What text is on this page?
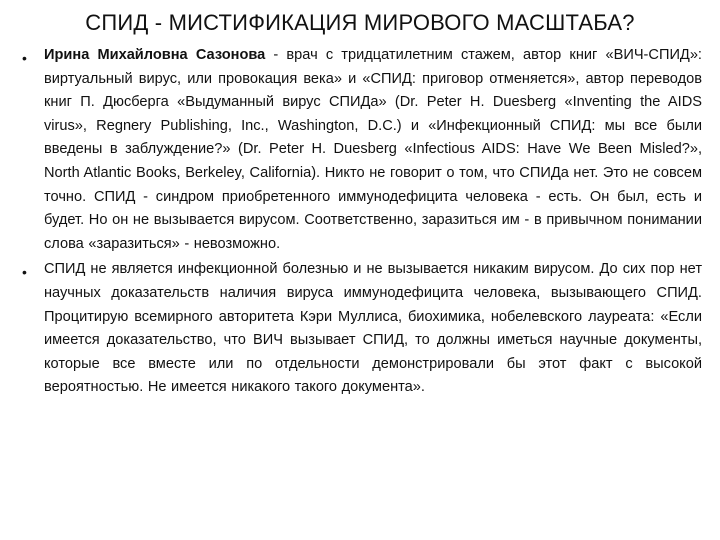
СПИД - МИСТИФИКАЦИЯ МИРОВОГО МАСШТАБА?
• Ирина Михайловна Сазонова - врач с тридцатилетним стажем, автор книг «ВИЧ-СПИД»: виртуальный вирус, или провокация века» и «СПИД: приговор отменяется», автор переводов книг П. Дюсберга «Выдуманный вирус СПИДа» (Dr. Peter H. Duesberg «Inventing the AIDS virus», Regnery Publishing, Inc., Washington, D.C.) и «Инфекционный СПИД: мы все были введены в заблуждение?» (Dr. Peter H. Duesberg «Infectious AIDS: Have We Been Misled?», North Atlantic Books, Berkeley, California). Никто не говорит о том, что СПИДа нет. Это не совсем точно. СПИД - синдром приобретенного иммунодефицита человека - есть. Он был, есть и будет. Но он не вызывается вирусом. Соответственно, заразиться им - в привычном понимании слова «заразиться» - невозможно.

• СПИД не является инфекционной болезнью и не вызывается никаким вирусом. До сих пор нет научных доказательств наличия вируса иммунодефицита человека, вызывающего СПИД. Процитирую всемирного авторитета Кэри Муллиса, биохимика, нобелевского лауреата: «Если имеется доказательство, что ВИЧ вызывает СПИД, то должны иметься научные документы, которые все вместе или по отдельности демонстрировали бы этот факт с высокой вероятностью. Не имеется никакого такого документа».
